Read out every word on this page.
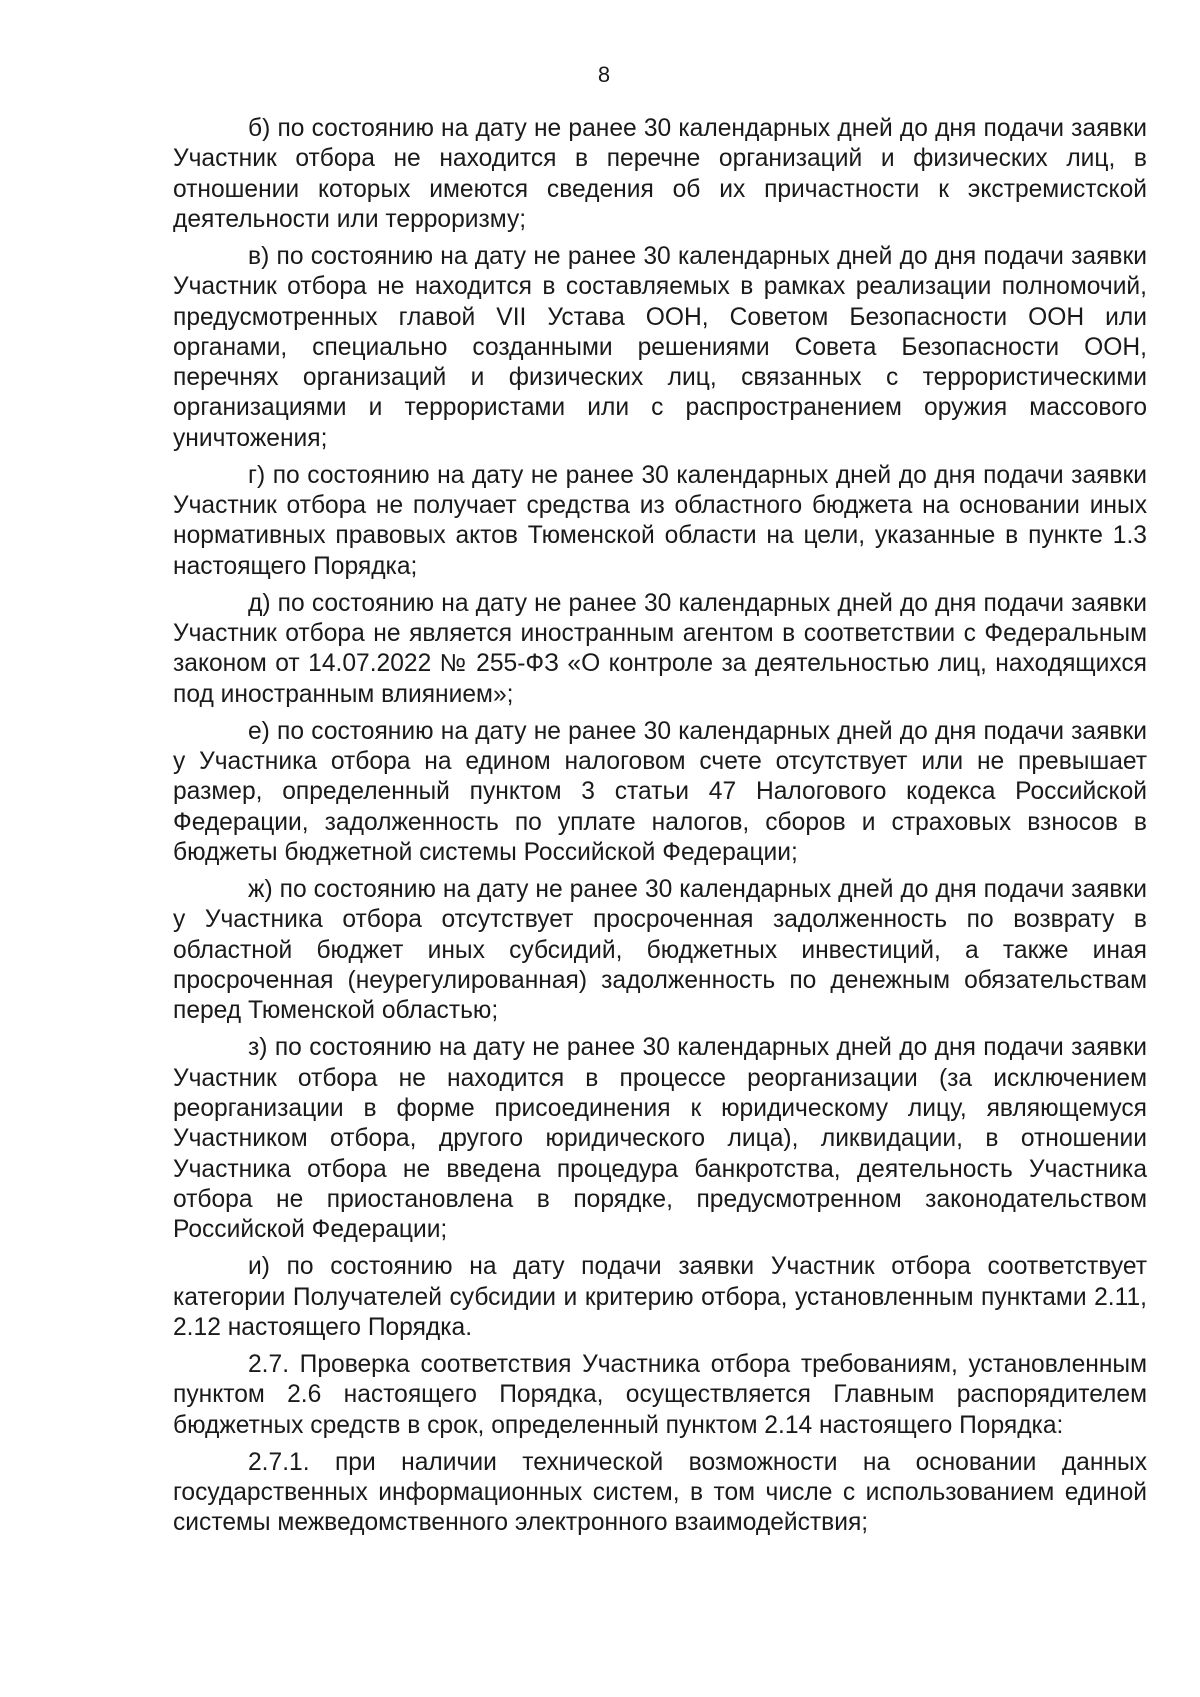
8

б) по состоянию на дату не ранее 30 календарных дней до дня подачи заявки Участник отбора не находится в перечне организаций и физических лиц, в отношении которых имеются сведения об их причастности к экстремистской деятельности или терроризму;

в) по состоянию на дату не ранее 30 календарных дней до дня подачи заявки Участник отбора не находится в составляемых в рамках реализации полномочий, предусмотренных главой VII Устава ООН, Советом Безопасности ООН или органами, специально созданными решениями Совета Безопасности ООН, перечнях организаций и физических лиц, связанных с террористическими организациями и террористами или с распространением оружия массового уничтожения;

г) по состоянию на дату не ранее 30 календарных дней до дня подачи заявки Участник отбора не получает средства из областного бюджета на основании иных нормативных правовых актов Тюменской области на цели, указанные в пункте 1.3 настоящего Порядка;

д) по состоянию на дату не ранее 30 календарных дней до дня подачи заявки Участник отбора не является иностранным агентом в соответствии с Федеральным законом от 14.07.2022 № 255-ФЗ «О контроле за деятельностью лиц, находящихся под иностранным влиянием»;

е) по состоянию на дату не ранее 30 календарных дней до дня подачи заявки у Участника отбора на едином налоговом счете отсутствует или не превышает размер, определенный пунктом 3 статьи 47 Налогового кодекса Российской Федерации, задолженность по уплате налогов, сборов и страховых взносов в бюджеты бюджетной системы Российской Федерации;

ж) по состоянию на дату не ранее 30 календарных дней до дня подачи заявки у Участника отбора отсутствует просроченная задолженность по возврату в областной бюджет иных субсидий, бюджетных инвестиций, а также иная просроченная (неурегулированная) задолженность по денежным обязательствам перед Тюменской областью;

з) по состоянию на дату не ранее 30 календарных дней до дня подачи заявки Участник отбора не находится в процессе реорганизации (за исключением реорганизации в форме присоединения к юридическому лицу, являющемуся Участником отбора, другого юридического лица), ликвидации, в отношении Участника отбора не введена процедура банкротства, деятельность Участника отбора не приостановлена в порядке, предусмотренном законодательством Российской Федерации;

и) по состоянию на дату подачи заявки Участник отбора соответствует категории Получателей субсидии и критерию отбора, установленным пунктами 2.11, 2.12 настоящего Порядка.

2.7. Проверка соответствия Участника отбора требованиям, установленным пунктом 2.6 настоящего Порядка, осуществляется Главным распорядителем бюджетных средств в срок, определенный пунктом 2.14 настоящего Порядка:

2.7.1. при наличии технической возможности на основании данных государственных информационных систем, в том числе с использованием единой системы межведомственного электронного взаимодействия;
